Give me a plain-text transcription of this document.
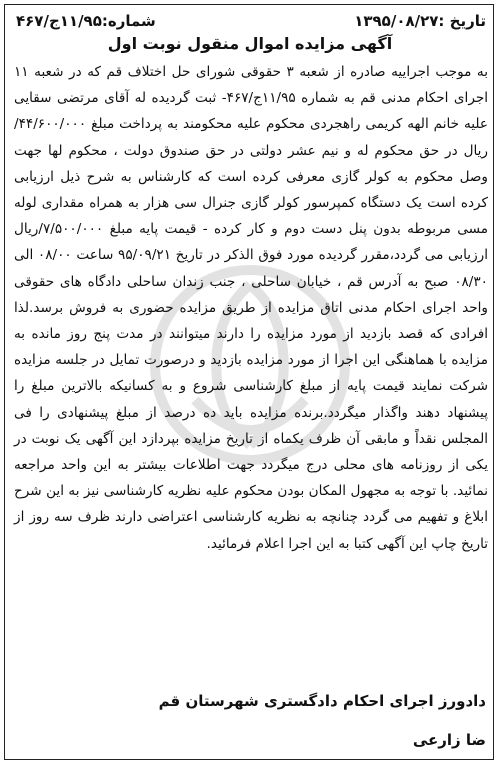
تاریخ :۱۳۹۵/۰۸/۲۷
شماره:۱۱/۹۵ج/۴۶۷
آگهی مزایده اموال منقول نوبت اول

به موجب اجراییه صادره از شعبه ۳ حقوقی شورای حل اختلاف قم که در شعبه ۱۱ اجرای احکام مدنی قم به شماره ۱۱/۹۵ج/۴۶۷- ثبت گردیده له آقای مرتضی سقایی علیه خانم الهه کریمی راهجردی محکوم علیه محکومند به پرداخت مبلغ ۴۴/۶۰۰/۰۰۰/ریال در حق محکوم له و نیم عشر دولتی در حق صندوق دولت ، محکوم لها جهت وصل محکوم به کولر گازی معرفی کرده است که کارشناس به شرح ذیل ارزیابی کرده است یک دستگاه کمپرسور کولر گازی جنرال سی هزار به همراه مقداری لوله مسی مربوطه بدون پنل دست دوم و کار کرده - قیمت پایه مبلغ ۷/۵۰۰/۰۰۰/ریال ارزیابی می گردد،مقرر گردیده مورد فوق الذکر در تاریخ ۹۵/۰۹/۲۱ ساعت ۰۸/۰۰ الی ۰۸/۳۰ صبح به آدرس قم ، خیابان ساحلی ، جنب زندان ساحلی دادگاه های حقوقی واحد اجرای احکام مدنی اتاق مزایده از طریق مزایده حضوری به فروش برسد.لذا افرادی که قصد بازدید از مورد مزایده را دارند میتوانند در مدت پنج روز مانده به مزایده با هماهنگی این اجرا از مورد مزایده بازدید و درصورت تمایل در جلسه مزایده شرکت نمایند قیمت پایه از مبلغ کارشناسی شروع و به کسانیکه بالاترین مبلغ را پیشنهاد دهند واگذار میگردد.برنده مزایده باید ده درصد از مبلغ پیشنهادی را فی المجلس نقداً و مابقی آن ظرف یکماه از تاریخ مزایده بپردازد این آگهی یک نوبت در یکی از روزنامه های محلی درج میگردد جهت اطلاعات بیشتر به این واحد مراجعه نمائید. با توجه به مجهول المکان بودن محکوم علیه نظریه کارشناسی نیز به این شرح ابلاغ و تفهیم می گردد چنانچه به نظریه کارشناسی اعتراضی دارند ظرف سه روز از تاریخ چاپ این آگهی کتبا به این اجرا اعلام فرمائید.

دادورز اجرای احکام دادگستری شهرستان قم
ضا زارعی
